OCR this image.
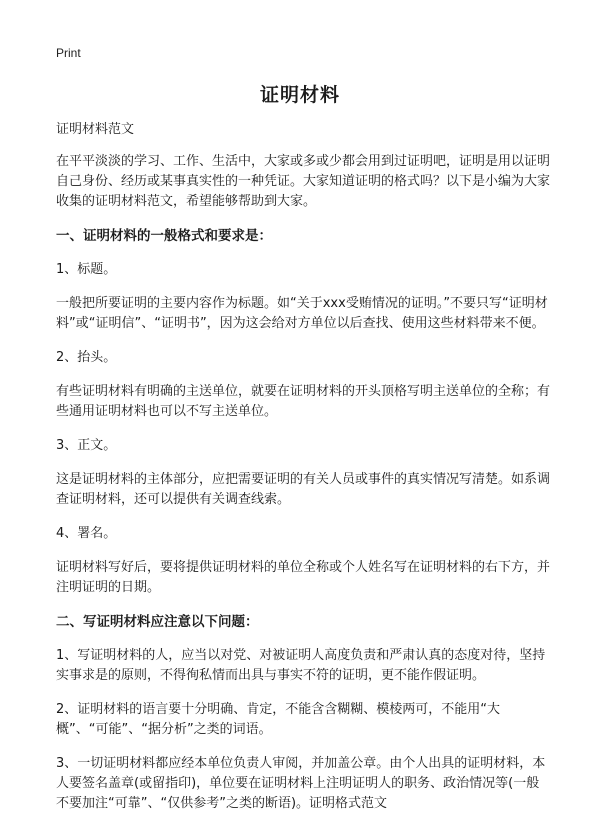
Print
证明材料

证明材料范文

在平平淡淡的学习、工作、生活中，大家或多或少都会用到过证明吧，证明是用以证明自己身份、经历或某事真实性的一种凭证。大家知道证明的格式吗？以下是小编为大家收集的证明材料范文，希望能够帮助到大家。

一、证明材料的一般格式和要求是：

1、标题。

一般把所要证明的主要内容作为标题。如“关于xxx受贿情况的证明。”不要只写“证明材料”或“证明信”、“证明书”，因为这会给对方单位以后查找、使用这些材料带来不便。

2、抬头。

有些证明材料有明确的主送单位，就要在证明材料的开头顶格写明主送单位的全称；有些通用证明材料也可以不写主送单位。

3、正文。

这是证明材料的主体部分，应把需要证明的有关人员或事件的真实情况写清楚。如系调查证明材料，还可以提供有关调查线索。

4、署名。

证明材料写好后，要将提供证明材料的单位全称或个人姓名写在证明材料的右下方，并注明证明的日期。

二、写证明材料应注意以下问题：

1、写证明材料的人，应当以对党、对被证明人高度负责和严肃认真的态度对待，坚持实事求是的原则，不得徇私情而出具与事实不符的证明，更不能作假证明。

2、证明材料的语言要十分明确、肯定，不能含含糊糊、模棱两可，不能用“大概”、“可能”、“据分析”之类的词语。

3、一切证明材料都应经本单位负责人审阅，并加盖公章。由个人出具的证明材料，本人要签名盖章(或留指印)，单位要在证明材料上注明证明人的职务、政治情况等(一般不要加注“可靠”、“仅供参考”之类的断语)。证明格式范文
